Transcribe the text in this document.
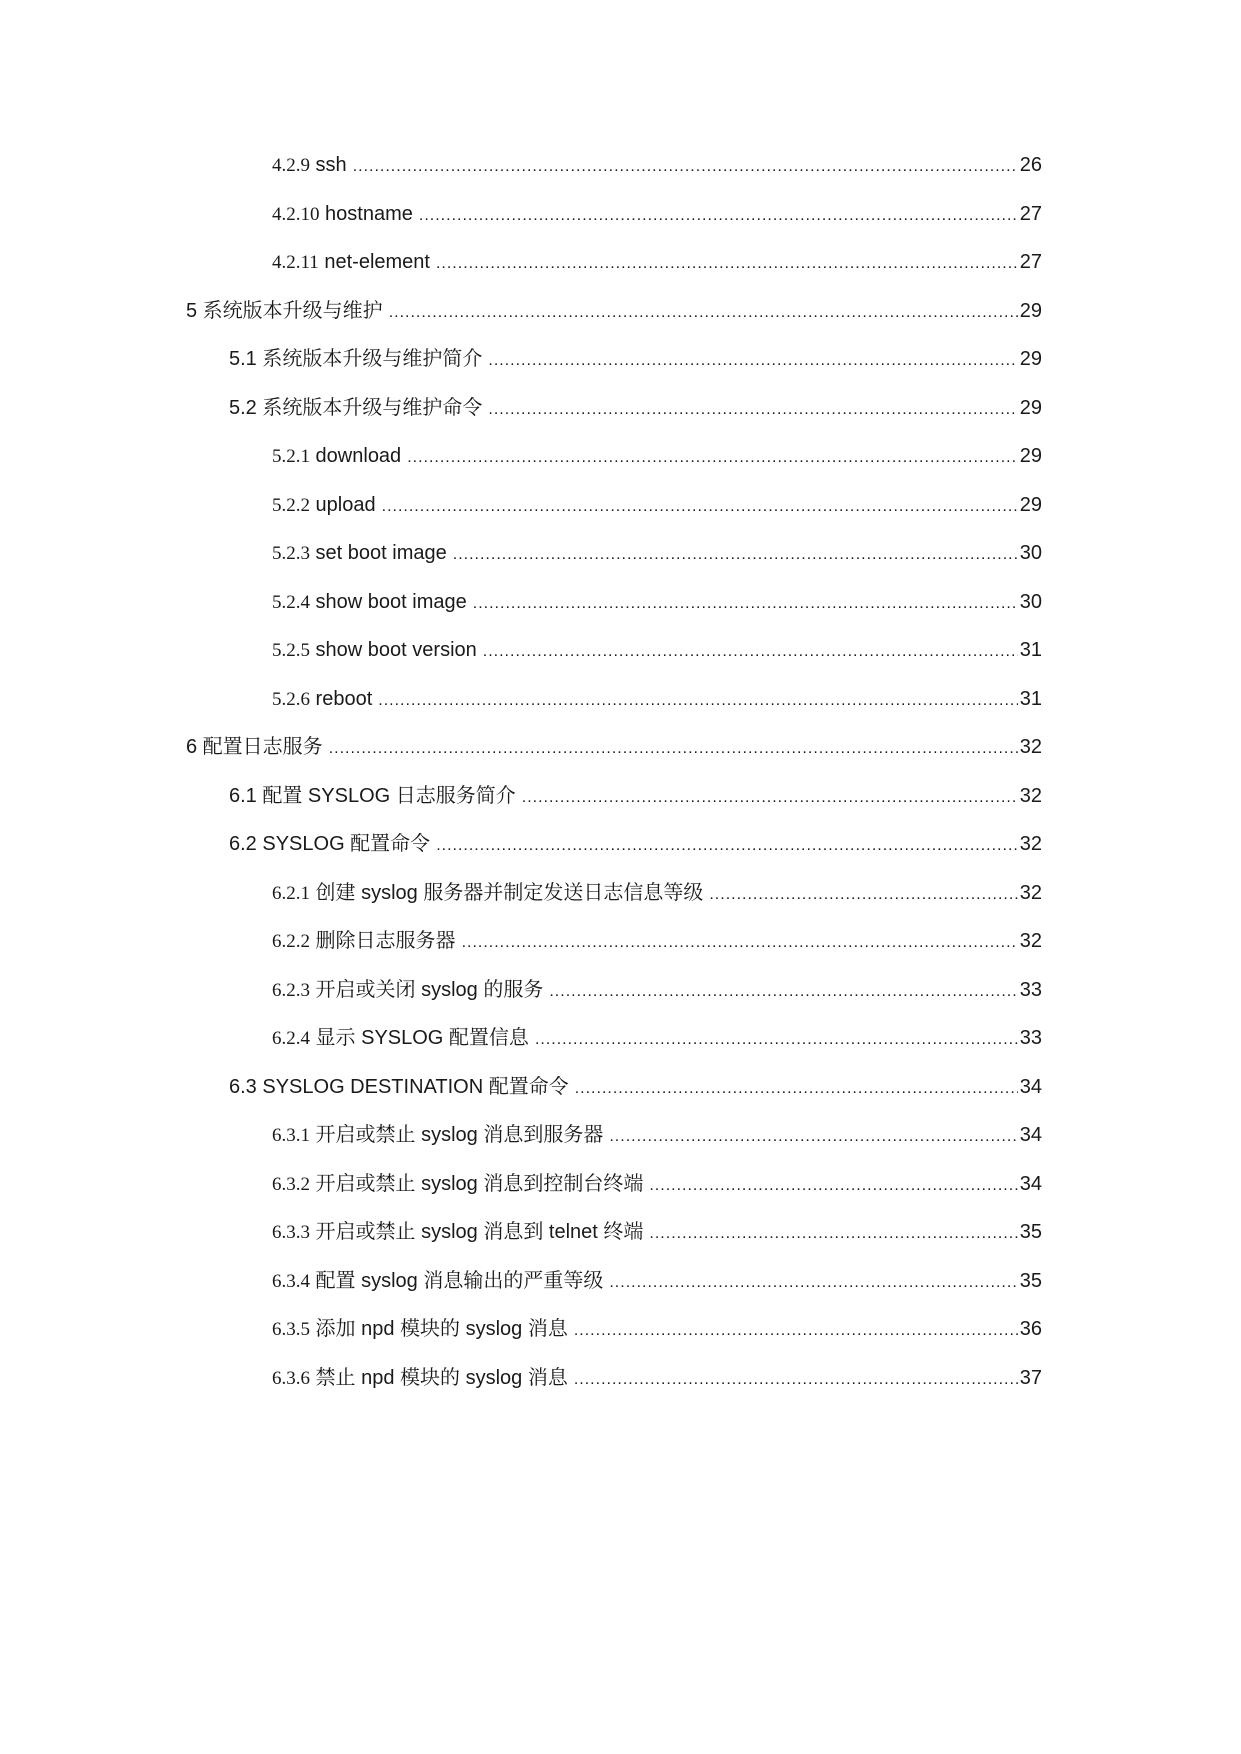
4.2.9 ssh .....	26
4.2.10 hostname .....	27
4.2.11 net-element .....	27
5 系统版本升级与维护 .....	29
5.1 系统版本升级与维护简介 .....	29
5.2 系统版本升级与维护命令 .....	29
5.2.1 download .....	29
5.2.2 upload .....	29
5.2.3 set boot image .....	30
5.2.4 show boot image .....	30
5.2.5 show boot version .....	31
5.2.6 reboot .....	31
6 配置日志服务 .....	32
6.1 配置 SYSLOG 日志服务简介 .....	32
6.2 SYSLOG 配置命令 .....	32
6.2.1 创建 syslog 服务器并制定发送日志信息等级 .....	32
6.2.2 删除日志服务器 .....	32
6.2.3 开启或关闭 syslog 的服务 .....	33
6.2.4 显示 SYSLOG 配置信息 .....	33
6.3 SYSLOG DESTINATION 配置命令 .....	34
6.3.1 开启或禁止 syslog 消息到服务器 .....	34
6.3.2 开启或禁止 syslog 消息到控制台终端 .....	34
6.3.3 开启或禁止 syslog 消息到 telnet 终端 .....	35
6.3.4 配置 syslog 消息输出的严重等级 .....	35
6.3.5 添加 npd 模块的 syslog 消息 .....	36
6.3.6 禁止 npd 模块的 syslog 消息 .....	37
